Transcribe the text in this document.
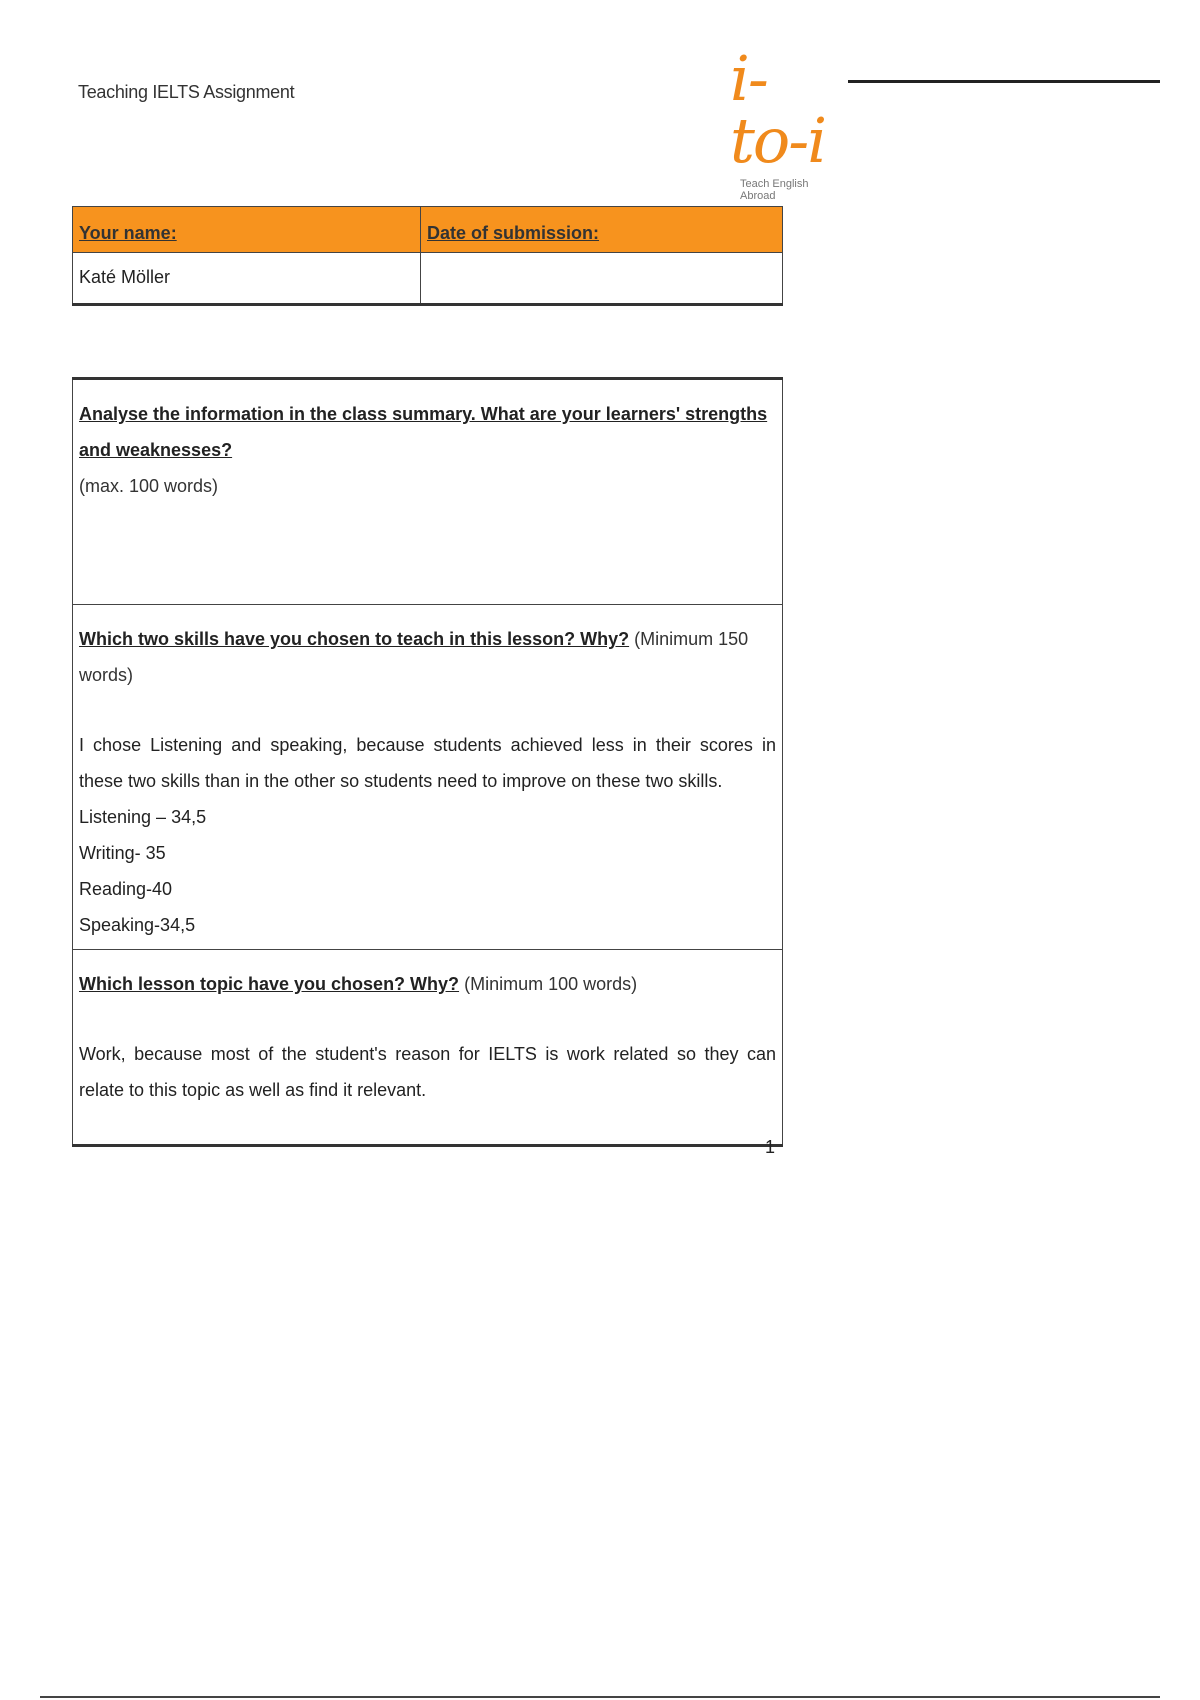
Teaching IELTS Assignment	i-to-i
Teach English Abroad
Your name:	Date of submission:
Katé Möller	
Analyse the information in the class summary. What are your learners' strengths and weaknesses?
(max. 100 words)

Which two skills have you chosen to teach in this lesson? Why? (Minimum 150 words)

I chose Listening and speaking, because students achieved less in their scores in these two skills than in the other so students need to improve on these two skills.

Listening – 34,5
Writing- 35
Reading-40
Speaking-34,5

Which lesson topic have you chosen? Why? (Minimum 100 words)

Work, because most of the student's reason for IELTS is work related so they can relate to this topic as well as find it relevant.

1
